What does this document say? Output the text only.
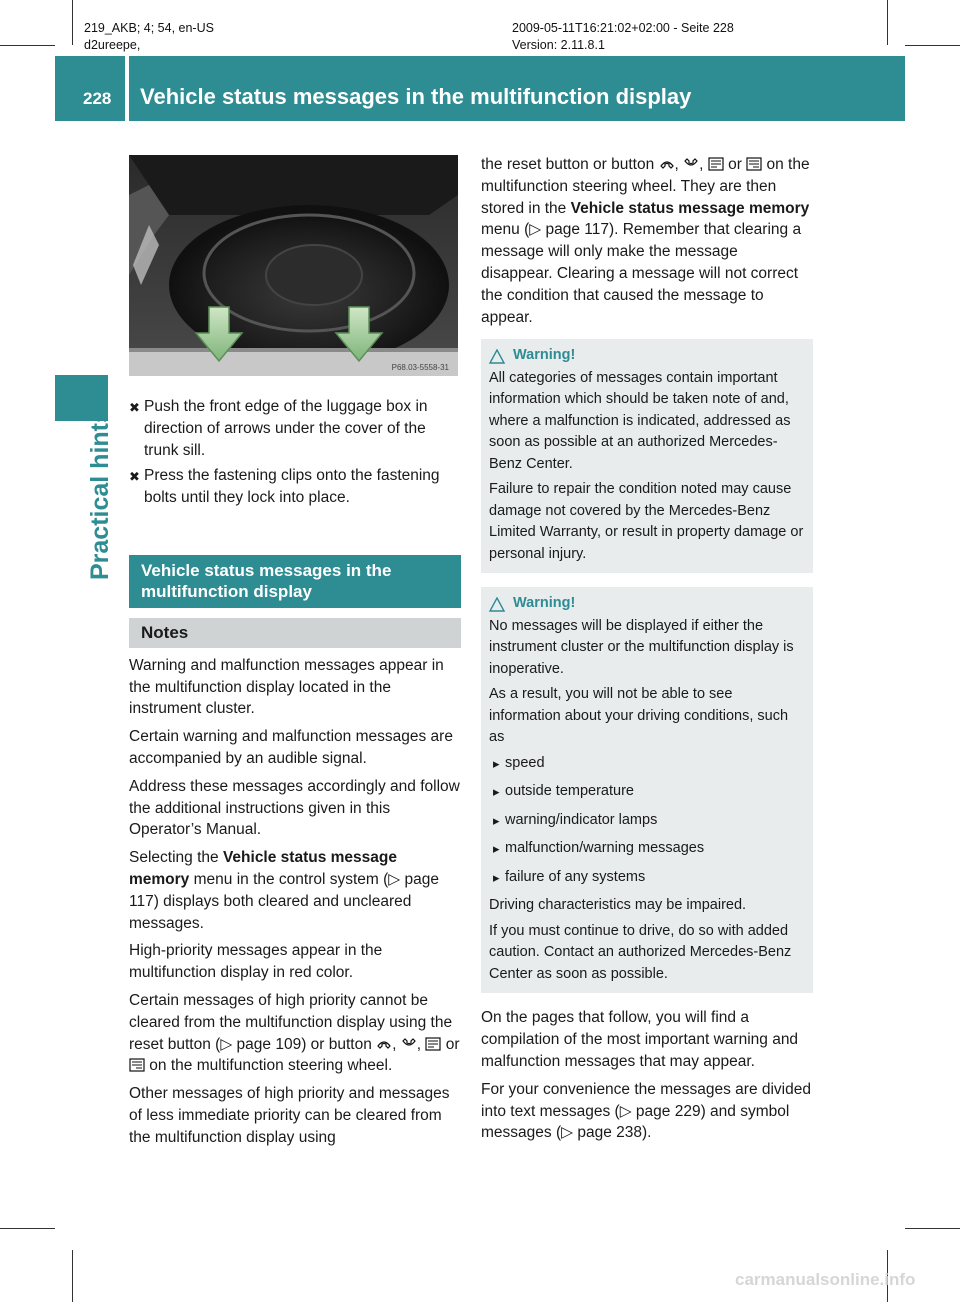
219_AKB; 4; 54, en-US
d2ureepe,
2009-05-11T16:21:02+02:00 - Seite 228
Version: 2.11.8.1
228 Vehicle status messages in the multifunction display
Practical hints
P68.03-5558-31
✖ Push the front edge of the luggage box in direction of arrows under the cover of the trunk sill.
✖ Press the fastening clips onto the fastening bolts until they lock into place.
Vehicle status messages in the multifunction display
Notes

Warning and malfunction messages appear in the multifunction display located in the instrument cluster.

Certain warning and malfunction messages are accompanied by an audible signal.

Address these messages accordingly and follow the additional instructions given in this Operator’s Manual.

Selecting the Vehicle status message memory menu in the control system (▷ page 117) displays both cleared and uncleared messages.

High-priority messages appear in the multifunction display in red color.

Certain messages of high priority cannot be cleared from the multifunction display using the reset button (▷ page 109) or button , ,  or  on the multifunction steering wheel.

Other messages of high priority and messages of less immediate priority can be cleared from the multifunction display using

the reset button or button , ,  or  on the multifunction steering wheel. They are then stored in the Vehicle status message memory menu (▷ page 117). Remember that clearing a message will only make the message disappear. Clearing a message will not correct the condition that caused the message to appear.

Warning!

All categories of messages contain important information which should be taken note of and, where a malfunction is indicated, addressed as soon as possible at an authorized Mercedes-Benz Center.

Failure to repair the condition noted may cause damage not covered by the Mercedes-Benz Limited Warranty, or result in property damage or personal injury.

Warning!

No messages will be displayed if either the instrument cluster or the multifunction display is inoperative.

As a result, you will not be able to see information about your driving conditions, such as

▸ speed
▸ outside temperature
▸ warning/indicator lamps
▸ malfunction/warning messages
▸ failure of any systems

Driving characteristics may be impaired.

If you must continue to drive, do so with added caution. Contact an authorized Mercedes-Benz Center as soon as possible.

On the pages that follow, you will find a compilation of the most important warning and malfunction messages that may appear.

For your convenience the messages are divided into text messages (▷ page 229) and symbol messages (▷ page 238).

carmanualsonline.info
